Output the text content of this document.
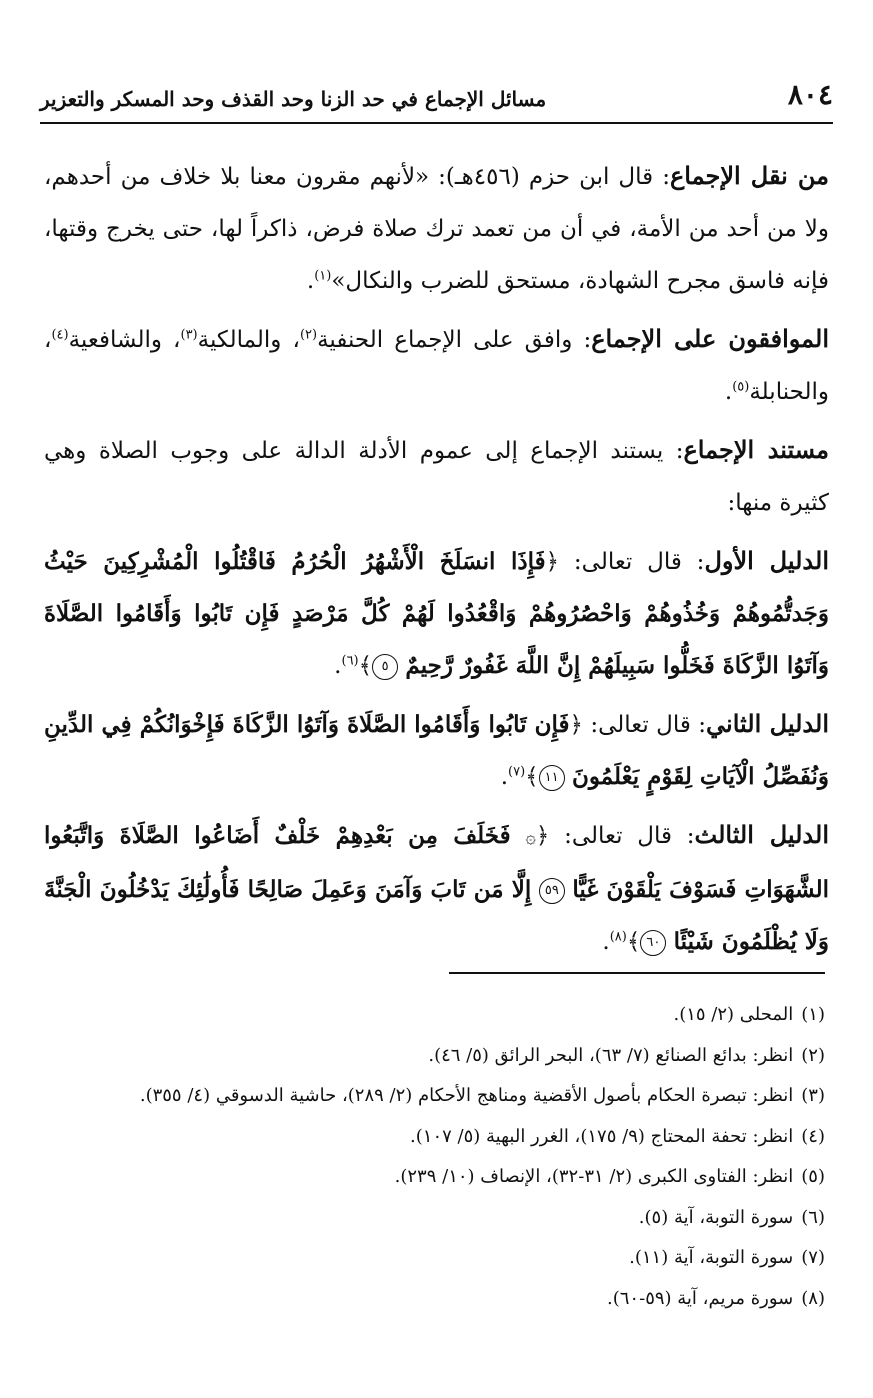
٨٠٤
مسائل الإجماع في حد الزنا وحد القذف وحد المسكر والتعزير

من نقل الإجماع: قال ابن حزم (٤٥٦هـ): «لأنهم مقرون معنا بلا خلاف من أحدهم، ولا من أحد من الأمة، في أن من تعمد ترك صلاة فرض، ذاكراً لها، حتى يخرج وقتها، فإنه فاسق مجرح الشهادة، مستحق للضرب والنكال»$^{(١)}$.

الموافقون على الإجماع: وافق على الإجماع الحنفية$^{(٢)}$، والمالكية$^{(٣)}$، والشافعية$^{(٤)}$، والحنابلة$^{(٥)}$.

مستند الإجماع: يستند الإجماع إلى عموم الأدلة الدالة على وجوب الصلاة وهي كثيرة منها:

الدليل الأول: قال تعالى: ﴿فَإِذَا انسَلَخَ الْأَشْهُرُ الْحُرُمُ فَاقْتُلُوا الْمُشْرِكِينَ حَيْثُ وَجَدتُّمُوهُمْ وَخُذُوهُمْ وَاحْصُرُوهُمْ وَاقْعُدُوا لَهُمْ كُلَّ مَرْصَدٍ فَإِن تَابُوا وَأَقَامُوا الصَّلَاةَ وَآتَوُا الزَّكَاةَ فَخَلُّوا سَبِيلَهُمْ إِنَّ اللَّهَ غَفُورٌ رَّحِيمٌ ٥﴾$^{(٦)}$.

الدليل الثاني: قال تعالى: ﴿فَإِن تَابُوا وَأَقَامُوا الصَّلَاةَ وَآتَوُا الزَّكَاةَ فَإِخْوَانُكُمْ فِي الدِّينِ وَنُفَصِّلُ الْآيَاتِ لِقَوْمٍ يَعْلَمُونَ ١١﴾$^{(٧)}$.

الدليل الثالث: قال تعالى: ﴿۞ فَخَلَفَ مِن بَعْدِهِمْ خَلْفٌ أَضَاعُوا الصَّلَاةَ وَاتَّبَعُوا الشَّهَوَاتِ فَسَوْفَ يَلْقَوْنَ غَيًّا ٥٩ إِلَّا مَن تَابَ وَآمَنَ وَعَمِلَ صَالِحًا فَأُولَٰئِكَ يَدْخُلُونَ الْجَنَّةَ وَلَا يُظْلَمُونَ شَيْئًا ٦٠﴾$^{(٨)}$.

(١)المحلى (٢/ ١٥).
(٢)انظر: بدائع الصنائع (٧/ ٦٣)، البحر الرائق (٥/ ٤٦).
(٣)انظر: تبصرة الحكام بأصول الأقضية ومناهج الأحكام (٢/ ٢٨٩)، حاشية الدسوقي (٤/ ٣٥٥).
(٤)انظر: تحفة المحتاج (٩/ ١٧٥)، الغرر البهية (٥/ ١٠٧).
(٥)انظر: الفتاوى الكبرى (٢/ ٣١-٣٢)، الإنصاف (١٠/ ٢٣٩).
(٦)سورة التوبة، آية (٥).
(٧)سورة التوبة، آية (١١).
(٨)سورة مريم، آية (٥٩-٦٠).
